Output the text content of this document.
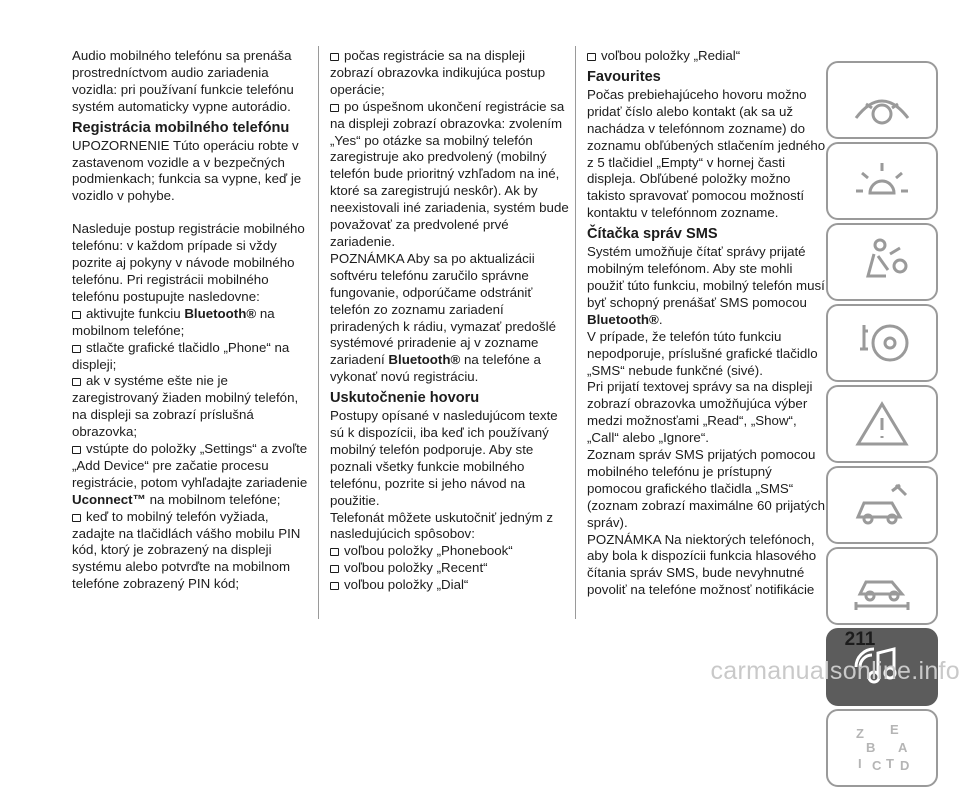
Audio mobilného telefónu sa prenáša prostredníctvom audio zariadenia vozidla: pri používaní funkcie telefónu systém automaticky vypne autorádio.

Registrácia mobilného telefónu

UPOZORNENIE Túto operáciu robte v zastavenom vozidle a v bezpečných podmienkach; funkcia sa vypne, keď je vozidlo v pohybe.

Nasleduje postup registrácie mobilného telefónu: v každom prípade si vždy pozrite aj pokyny v návode mobilného telefónu. Pri registrácii mobilného telefónu postupujte nasledovne:

aktivujte funkciu Bluetooth® na mobilnom telefóne;

stlačte grafické tlačidlo „Phone“ na displeji;

ak v systéme ešte nie je zaregistrovaný žiaden mobilný telefón, na displeji sa zobrazí príslušná obrazovka;

vstúpte do položky „Settings“ a zvoľte „Add Device“ pre začatie procesu registrácie, potom vyhľadajte zariadenie Uconnect™ na mobilnom telefóne;

keď to mobilný telefón vyžiada, zadajte na tlačidlách vášho mobilu PIN kód, ktorý je zobrazený na displeji systému alebo potvrďte na mobilnom telefóne zobrazený PIN kód;

počas registrácie sa na displeji zobrazí obrazovka indikujúca postup operácie;

po úspešnom ukončení registrácie sa na displeji zobrazí obrazovka: zvolením „Yes“ po otázke sa mobilný telefón zaregistruje ako predvolený (mobilný telefón bude prioritný vzhľadom na iné, ktoré sa zaregistrujú neskôr). Ak by neexistovali iné zariadenia, systém bude považovať za predvolené prvé zariadenie.

POZNÁMKA Aby sa po aktualizácii softvéru telefónu zaručilo správne fungovanie, odporúčame odstrániť telefón zo zoznamu zariadení priradených k rádiu, vymazať predošlé systémové priradenie aj v zozname zariadení Bluetooth® na telefóne a vykonať novú registráciu.

Uskutočnenie hovoru

Postupy opísané v nasledujúcom texte sú k dispozícii, iba keď ich používaný mobilný telefón podporuje. Aby ste poznali všetky funkcie mobilného telefónu, pozrite si jeho návod na použitie.

Telefonát môžete uskutočniť jedným z nasledujúcich spôsobov:

voľbou položky „Phonebook“

voľbou položky „Recent“

voľbou položky „Dial“

voľbou položky „Redial“

Favourites

Počas prebiehajúceho hovoru možno pridať číslo alebo kontakt (ak sa už nachádza v telefónnom zozname) do zoznamu obľúbených stlačením jedného z 5 tlačidiel „Empty“ v hornej časti displeja. Obľúbené položky možno takisto spravovať pomocou možností kontaktu v telefónnom zozname.

Čítačka správ SMS

Systém umožňuje čítať správy prijaté mobilným telefónom. Aby ste mohli použiť túto funkciu, mobilný telefón musí byť schopný prenášať SMS pomocou Bluetooth®.

V prípade, že telefón túto funkciu nepodporuje, príslušné grafické tlačidlo „SMS“ nebude funkčné (sivé).

Pri prijatí textovej správy sa na displeji zobrazí obrazovka umožňujúca výber medzi možnosťami „Read“, „Show“, „Call“ alebo „Ignore“.

Zoznam správ SMS prijatých pomocou mobilného telefónu je prístupný pomocou grafického tlačidla „SMS“ (zoznam zobrazí maximálne 60 prijatých správ).

POZNÁMKA Na niektorých telefónoch, aby bola k dispozícii funkcia hlasového čítania správ SMS, bude nevyhnutné povoliť na telefóne možnosť notifikácie

Z E
B A
I C T D
211
carmanualsonline.info
